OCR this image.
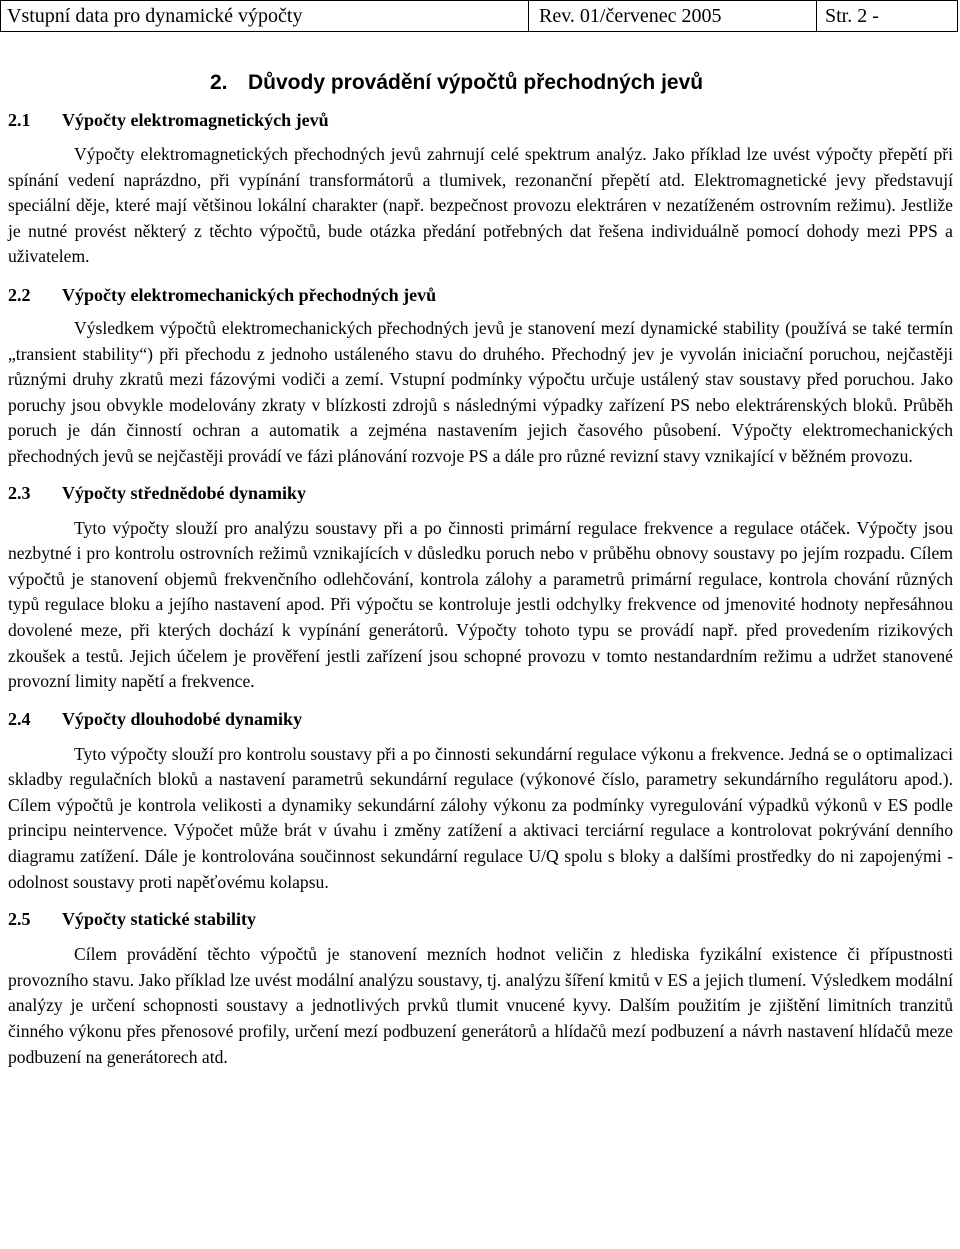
Vstupní data pro dynamické výpočty	Rev. 01/červenec 2005	Str. 2 -
2. Důvody provádění výpočtů přechodných jevů
2.1 Výpočty elektromagnetických jevů

Výpočty elektromagnetických přechodných jevů zahrnují celé spektrum analýz. Jako příklad lze uvést výpočty přepětí při spínání vedení naprázdno, při vypínání transformátorů a tlumivek, rezonanční přepětí atd. Elektromagnetické jevy představují speciální děje, které mají většinou lokální charakter (např. bezpečnost provozu elektráren v nezatíženém ostrovním režimu). Jestliže je nutné provést některý z těchto výpočtů, bude otázka předání potřebných dat řešena individuálně pomocí dohody mezi PPS a uživatelem.

2.2 Výpočty elektromechanických přechodných jevů

Výsledkem výpočtů elektromechanických přechodných jevů je stanovení mezí dynamické stability (používá se také termín „transient stability“) při přechodu z jednoho ustáleného stavu do druhého. Přechodný jev je vyvolán iniciační poruchou, nejčastěji různými druhy zkratů mezi fázovými vodiči a zemí. Vstupní podmínky výpočtu určuje ustálený stav soustavy před poruchou. Jako poruchy jsou obvykle modelovány zkraty v blízkosti zdrojů s následnými výpadky zařízení PS nebo elektrárenských bloků. Průběh poruch je dán činností ochran a automatik a zejména nastavením jejich časového působení. Výpočty elektromechanických přechodných jevů se nejčastěji provádí ve fázi plánování rozvoje PS a dále pro různé revizní stavy vznikající v běžném provozu.

2.3 Výpočty střednědobé dynamiky

Tyto výpočty slouží pro analýzu soustavy při a po činnosti primární regulace frekvence a regulace otáček. Výpočty jsou nezbytné i pro kontrolu ostrovních režimů vznikajících v důsledku poruch nebo v průběhu obnovy soustavy po jejím rozpadu. Cílem výpočtů je stanovení objemů frekvenčního odlehčování, kontrola zálohy a parametrů primární regulace, kontrola chování různých typů regulace bloku a jejího nastavení apod. Při výpočtu se kontroluje jestli odchylky frekvence od jmenovité hodnoty nepřesáhnou dovolené meze, při kterých dochází k vypínání generátorů. Výpočty tohoto typu se provádí např. před provedením rizikových zkoušek a testů. Jejich účelem je prověření jestli zařízení jsou schopné provozu v tomto nestandardním režimu a udržet stanovené provozní limity napětí a frekvence.

2.4 Výpočty dlouhodobé dynamiky

Tyto výpočty slouží pro kontrolu soustavy při a po činnosti sekundární regulace výkonu a frekvence. Jedná se o optimalizaci skladby regulačních bloků a nastavení parametrů sekundární regulace (výkonové číslo, parametry sekundárního regulátoru apod.). Cílem výpočtů je kontrola velikosti a dynamiky sekundární zálohy výkonu za podmínky vyregulování výpadků výkonů v ES podle principu neintervence. Výpočet může brát v úvahu i změny zatížení a aktivaci terciární regulace a kontrolovat pokrývání denního diagramu zatížení. Dále je kontrolována součinnost sekundární regulace U/Q spolu s bloky a dalšími prostředky do ni zapojenými - odolnost soustavy proti napěťovému kolapsu.

2.5 Výpočty statické stability

Cílem provádění těchto výpočtů je stanovení mezních hodnot veličin z hlediska fyzikální existence či přípustnosti provozního stavu. Jako příklad lze uvést modální analýzu soustavy, tj. analýzu šíření kmitů v ES a jejich tlumení. Výsledkem modální analýzy je určení schopnosti soustavy a jednotlivých prvků tlumit vnucené kyvy. Dalším použitím je zjištění limitních tranzitů činného výkonu přes přenosové profily, určení mezí podbuzení generátorů a hlídačů mezí podbuzení a návrh nastavení hlídačů meze podbuzení na generátorech atd.
